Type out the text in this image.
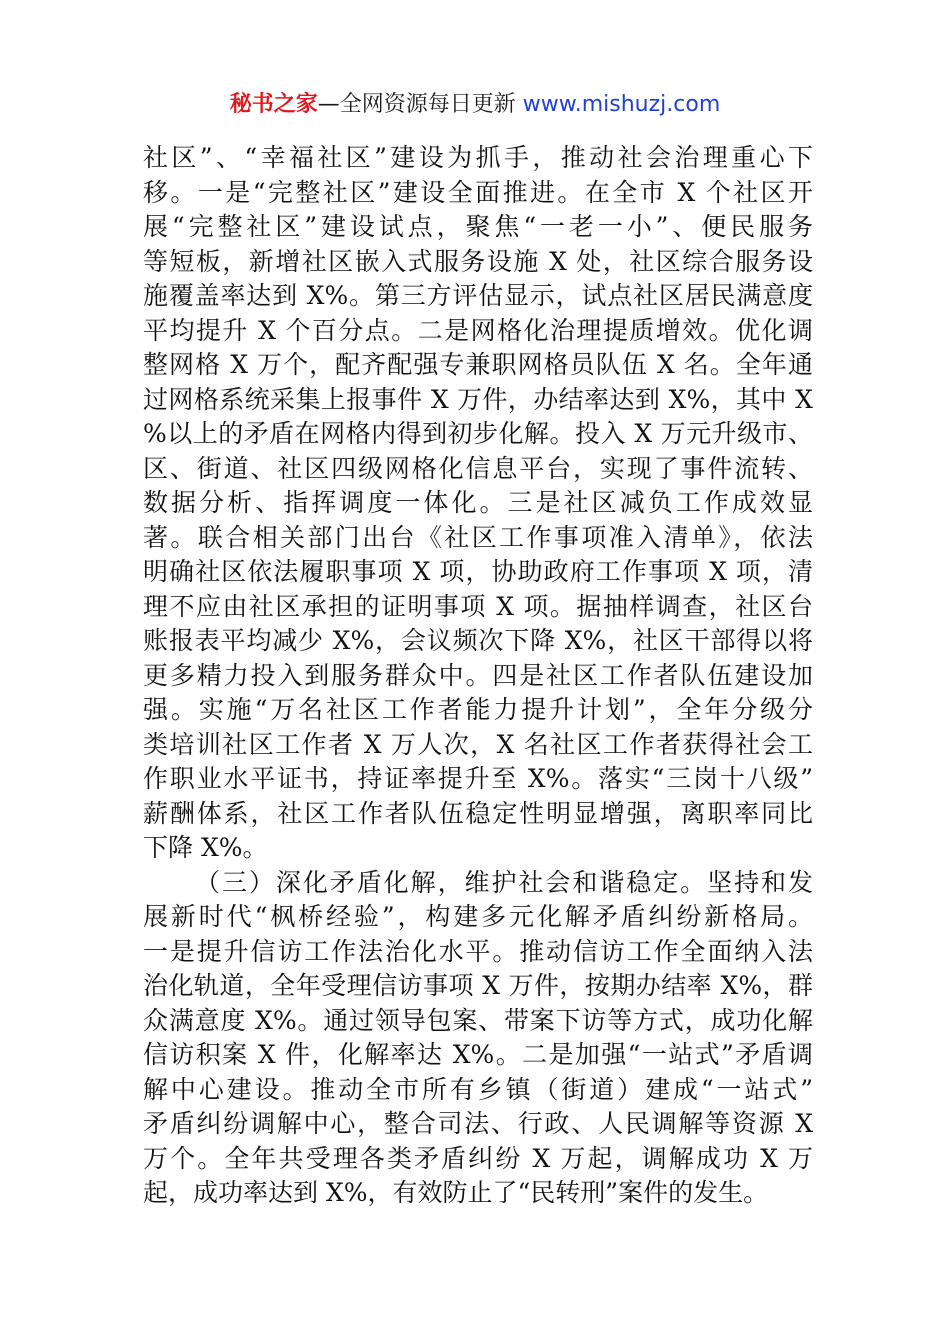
秘书之家—全网资源每日更新 www.mishuzj.com
社区”、“幸福社区”建设为抓手，推动社会治理重心下
移。一是“完整社区”建设全面推进。在全市 X 个社区开
展“完整社区”建设试点，聚焦“一老一小”、便民服务
等短板，新增社区嵌入式服务设施 X 处，社区综合服务设
施覆盖率达到 X%。第三方评估显示，试点社区居民满意度
平均提升 X 个百分点。二是网格化治理提质增效。优化调
整网格 X 万个，配齐配强专兼职网格员队伍 X 名。全年通
过网格系统采集上报事件 X 万件，办结率达到 X%，其中 X
%以上的矛盾在网格内得到初步化解。投入 X 万元升级市、
区、街道、社区四级网格化信息平台，实现了事件流转、
数据分析、指挥调度一体化。三是社区减负工作成效显
著。联合相关部门出台《社区工作事项准入清单》，依法
明确社区依法履职事项 X 项，协助政府工作事项 X 项，清
理不应由社区承担的证明事项 X 项。据抽样调查，社区台
账报表平均减少 X%，会议频次下降 X%，社区干部得以将
更多精力投入到服务群众中。四是社区工作者队伍建设加
强。实施“万名社区工作者能力提升计划”，全年分级分
类培训社区工作者 X 万人次，X 名社区工作者获得社会工
作职业水平证书，持证率提升至 X%。落实“三岗十八级”
薪酬体系，社区工作者队伍稳定性明显增强，离职率同比
下降 X%。
（三）深化矛盾化解，维护社会和谐稳定。坚持和发
展新时代“枫桥经验”，构建多元化解矛盾纠纷新格局。
一是提升信访工作法治化水平。推动信访工作全面纳入法
治化轨道，全年受理信访事项 X 万件，按期办结率 X%，群
众满意度 X%。通过领导包案、带案下访等方式，成功化解
信访积案 X 件，化解率达 X%。二是加强“一站式”矛盾调
解中心建设。推动全市所有乡镇（街道）建成“一站式”
矛盾纠纷调解中心，整合司法、行政、人民调解等资源 X
万个。全年共受理各类矛盾纠纷 X 万起，调解成功 X 万
起，成功率达到 X%，有效防止了“民转刑”案件的发生。
